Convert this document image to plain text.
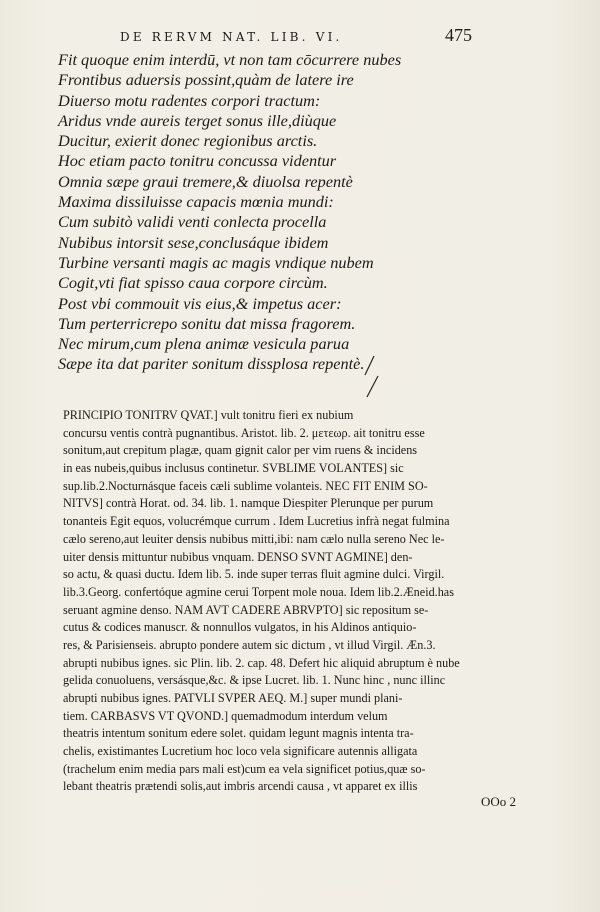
DE RERVM NAT. LIB. VI.	475
Fit quoque enim interdū, vt non tam cōcurrere nubes
Frontibus aduersis possint,quàm de latere ire
Diuerso motu radentes corpori tractum:
Aridus vnde aureis terget sonus ille,diùque
Ducitur, exierit donec regionibus arctis.
Hoc etiam pacto tonitru concussa videntur
Omnia sæpe graui tremere,& diuolsa repentè
Maxima dissiluisse capacis mœnia mundi:
Cum subitò validi venti conlecta procella
Nubibus intorsit sese,conclusáque ibidem
Turbine versanti magis ac magis vndique nubem
Cogit,vti fiat spisso caua corpore circùm.
Post vbi commouit vis eius,& impetus acer:
Tum perterricrepo sonitu dat missa fragorem.
Nec mirum,cum plena animæ vesicula parua
Sæpe ita dat pariter sonitum dissplosa repentè.
PRINCIPIO TONITRV QVAT.] vult tonitru fieri ex nubium
concursu ventis contrà pugnantibus. Aristot. lib. 2. μετεωρ. ait tonitru esse
sonitum,aut crepitum plagæ, quam gignit calor per vim ruens & incidens
in eas nubeis,quibus inclusus continetur. SVBLIME VOLANTES] sic
sup.lib.2.Nocturnásque faceis cæli sublime volanteis. NEC FIT ENIM SO-
NITVS] contrà Horat. od. 34. lib. 1. namque Diespiter Plerunque per purum
tonanteis Egit equos, volucrémque currum . Idem Lucretius infrà negat fulmina
cælo sereno,aut leuiter densis nubibus mitti,ibi: nam cælo nulla sereno Nec le-
uiter densis mittuntur nubibus vnquam. DENSO SVNT AGMINE] den-
so actu, & quasi ductu. Idem lib. 5. inde super terras fluit agmine dulci. Virgil.
lib.3.Georg. confertóque agmine cerui Torpent mole noua. Idem lib.2.Æneid.has
seruant agmine denso. NAM AVT CADERE ABRVPTO] sic repositum se-
cutus & codices manuscr. & nonnullos vulgatos, in his Aldinos antiquio-
res, & Parisienseis. abrupto pondere autem sic dictum , vt illud Virgil. Æn.3.
abrupti nubibus ignes. sic Plin. lib. 2. cap. 48. Defert hic aliquid abruptum è nube
gelida conuoluens, versásque,&c. & ipse Lucret. lib. 1. Nunc hinc , nunc illinc
abrupti nubibus ignes. PATVLI SVPER AEQ. M.] super mundi plani-
tiem. CARBASVS VT QVOND.] quemadmodum interdum velum
theatris intentum sonitum edere solet. quidam legunt magnis intenta tra-
chelis, existimantes Lucretium hoc loco vela significare autennis alligata
(trachelum enim media pars mali est)cum ea vela significet potius,quæ so-
lebant theatris prætendi solis,aut imbris arcendi causa , vt apparet ex illis
OOo 2
